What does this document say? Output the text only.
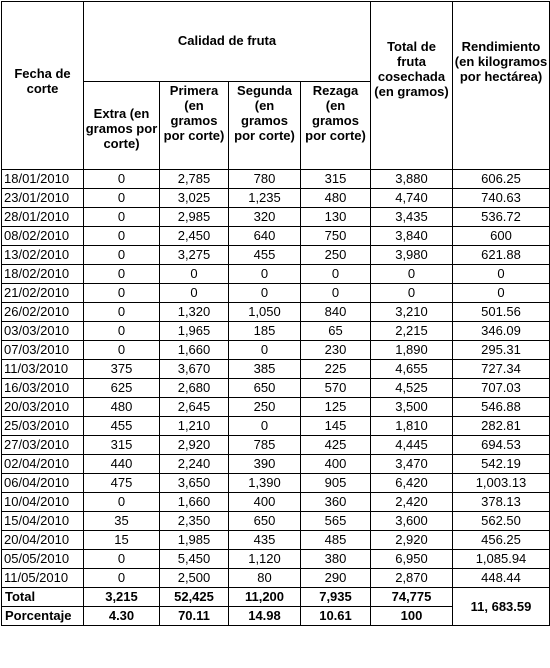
Fecha de corte	Calidad de fruta				Total de fruta cosechada (en gramos)	Rendimiento (en kilogramos por hectárea)
	Extra (en gramos por corte)	Primera (en gramos por corte)	Segunda (en gramos por corte)	Rezaga (en gramos por corte)		
18/01/2010	0	2,785	780	315	3,880	606.25
23/01/2010	0	3,025	1,235	480	4,740	740.63
28/01/2010	0	2,985	320	130	3,435	536.72
08/02/2010	0	2,450	640	750	3,840	600
13/02/2010	0	3,275	455	250	3,980	621.88
18/02/2010	0	0	0	0	0	0
21/02/2010	0	0	0	0	0	0
26/02/2010	0	1,320	1,050	840	3,210	501.56
03/03/2010	0	1,965	185	65	2,215	346.09
07/03/2010	0	1,660	0	230	1,890	295.31
11/03/2010	375	3,670	385	225	4,655	727.34
16/03/2010	625	2,680	650	570	4,525	707.03
20/03/2010	480	2,645	250	125	3,500	546.88
25/03/2010	455	1,210	0	145	1,810	282.81
27/03/2010	315	2,920	785	425	4,445	694.53
02/04/2010	440	2,240	390	400	3,470	542.19
06/04/2010	475	3,650	1,390	905	6,420	1,003.13
10/04/2010	0	1,660	400	360	2,420	378.13
15/04/2010	35	2,350	650	565	3,600	562.50
20/04/2010	15	1,985	435	485	2,920	456.25
05/05/2010	0	5,450	1,120	380	6,950	1,085.94
11/05/2010	0	2,500	80	290	2,870	448.44
Total	3,215	52,425	11,200	7,935	74,775	11, 683.59
Porcentaje	4.30	70.11	14.98	10.61	100	
